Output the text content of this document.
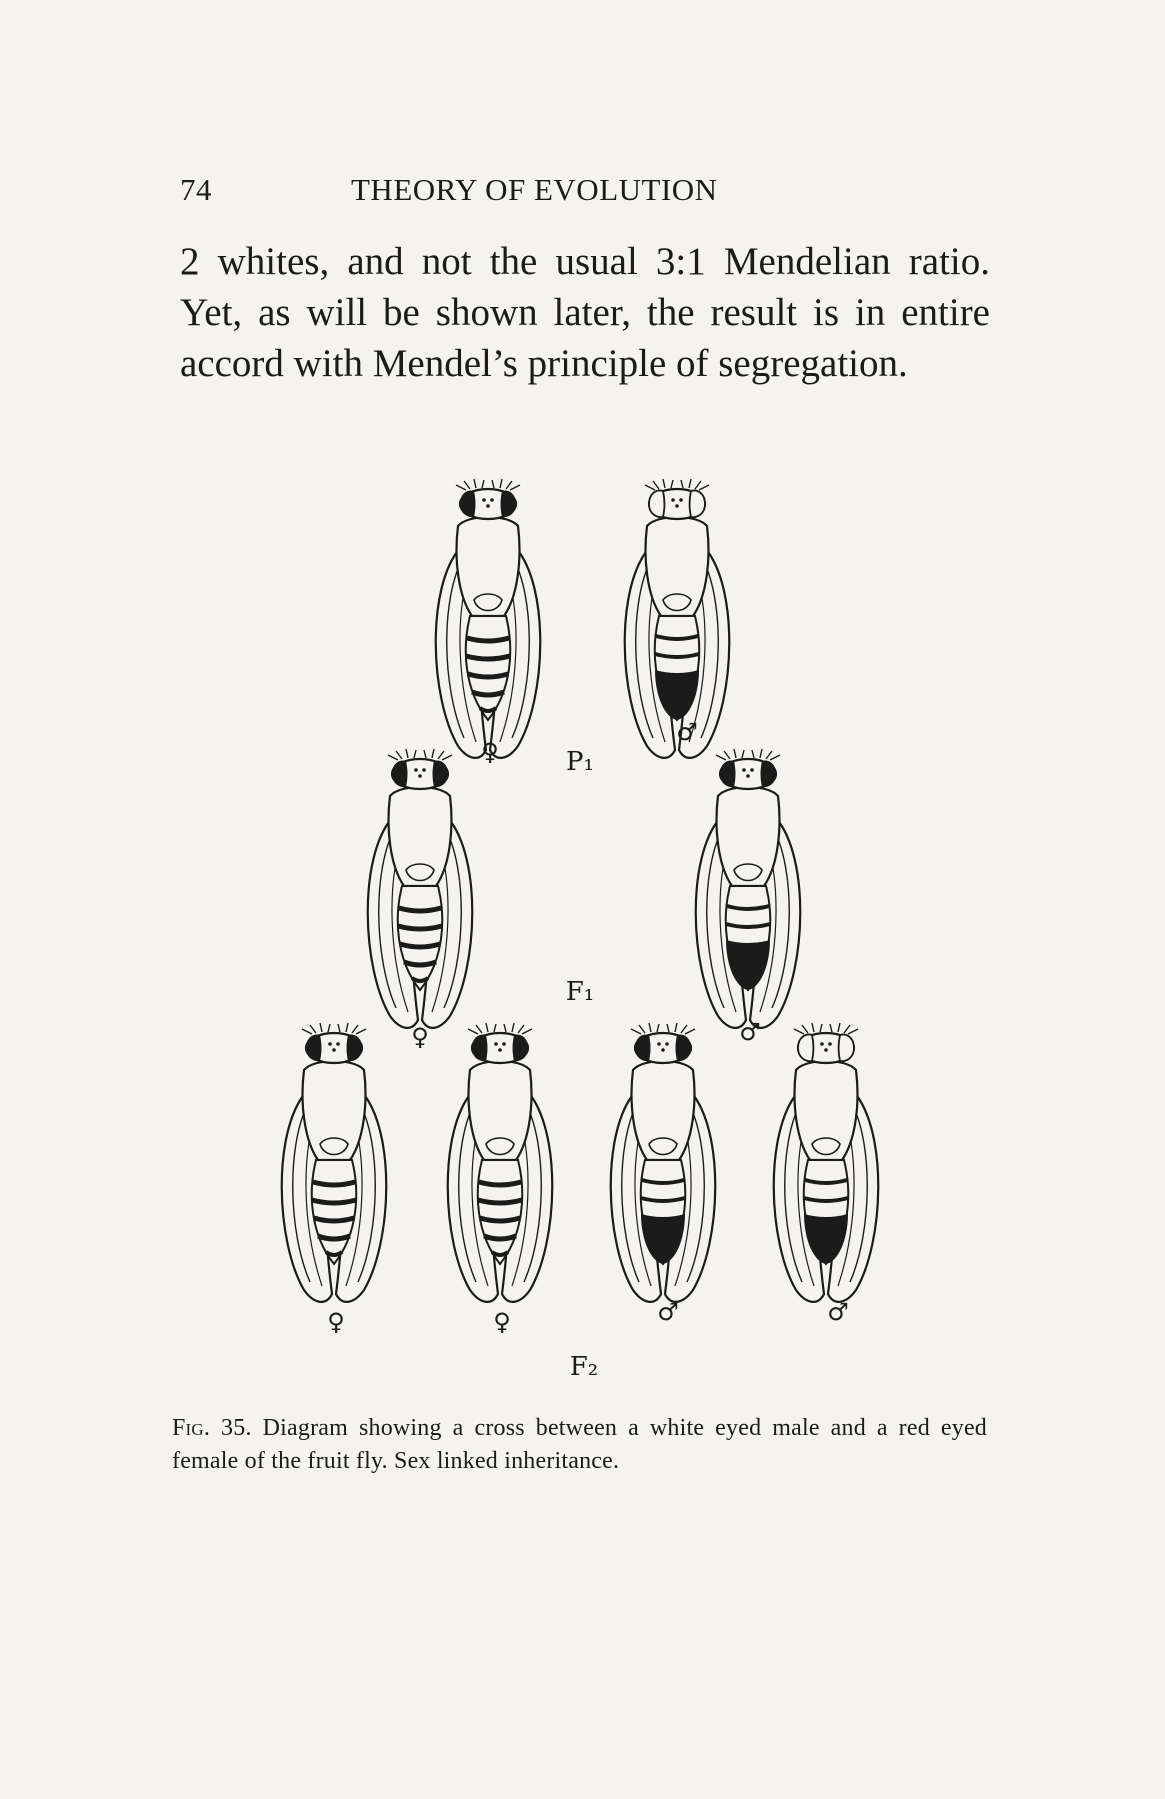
74	THEORY OF EVOLUTION

2 whites, and not the usual 3:1 Mendelian ratio. Yet, as will be shown later, the result is in entire accord with Mendel’s principle of segregation.

♀
♂
P₁
♀	♂
F₁
♀	♀	♂	♂
F₂

Fig. 35. Diagram showing a cross between a white eyed male and a red eyed female of the fruit fly. Sex linked inheritance.
